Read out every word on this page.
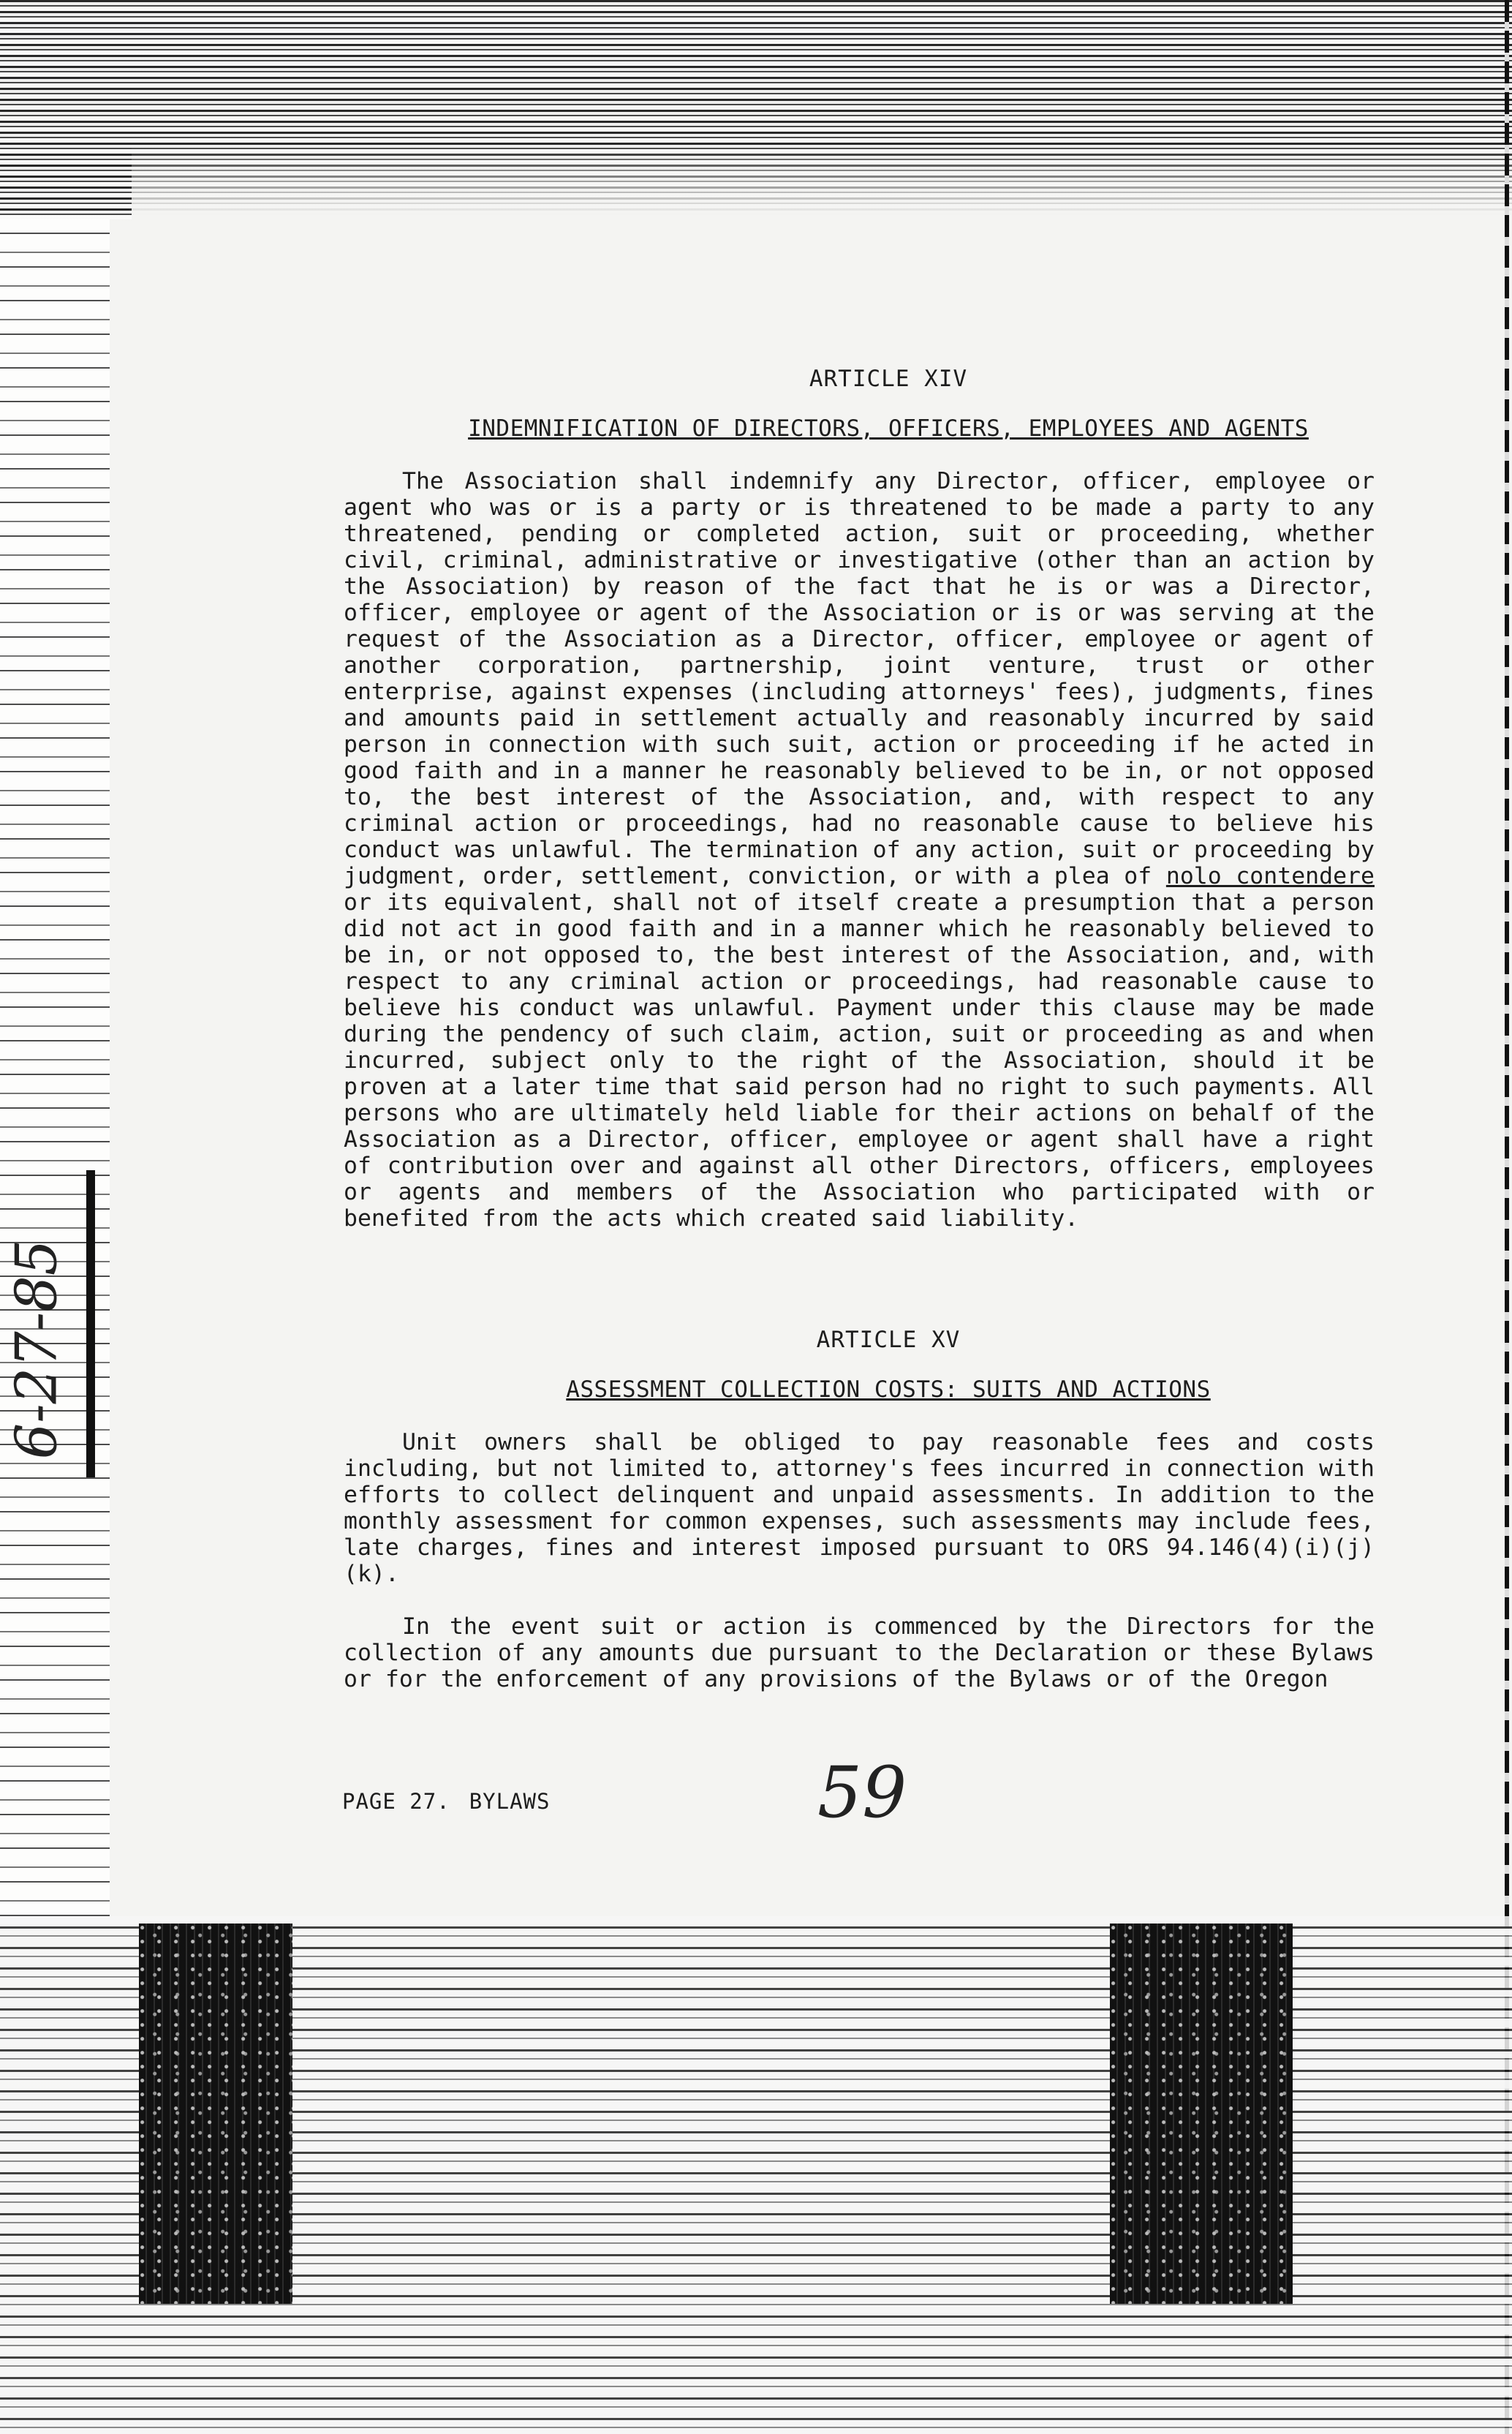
6-27-85
ARTICLE XIV
INDEMNIFICATION OF DIRECTORS, OFFICERS, EMPLOYEES AND AGENTS

The Association shall indemnify any Director, officer, employee or agent who was or is a party or is threatened to be made a party to any threatened, pending or completed action, suit or proceeding, whether civil, criminal, administrative or investigative (other than an action by the Association) by reason of the fact that he is or was a Director, officer, employee or agent of the Association or is or was serving at the request of the Association as a Director, officer, employee or agent of another corporation, partnership, joint venture, trust or other enterprise, against expenses (including attorneys' fees), judgments, fines and amounts paid in settlement actually and reasonably incurred by said person in connection with such suit, action or proceeding if he acted in good faith and in a manner he reasonably believed to be in, or not opposed to, the best interest of the Association, and, with respect to any criminal action or proceedings, had no reasonable cause to believe his conduct was unlawful. The termination of any action, suit or proceeding by judgment, order, settlement, conviction, or with a plea of nolo contendere or its equivalent, shall not of itself create a presumption that a person did not act in good faith and in a manner which he reasonably believed to be in, or not opposed to, the best interest of the Association, and, with respect to any criminal action or proceedings, had reasonable cause to believe his conduct was unlawful. Payment under this clause may be made during the pendency of such claim, action, suit or proceeding as and when incurred, subject only to the right of the Association, should it be proven at a later time that said person had no right to such payments. All persons who are ultimately held liable for their actions on behalf of the Association as a Director, officer, employee or agent shall have a right of contribution over and against all other Directors, officers, employees or agents and members of the Association who participated with or benefited from the acts which created said liability.

ARTICLE XV
ASSESSMENT COLLECTION COSTS: SUITS AND ACTIONS

Unit owners shall be obliged to pay reasonable fees and costs including, but not limited to, attorney's fees incurred in connection with efforts to collect delinquent and unpaid assessments. In addition to the monthly assessment for common expenses, such assessments may include fees, late charges, fines and interest imposed pursuant to ORS 94.146(4)(i)(j)(k).

In the event suit or action is commenced by the Directors for the collection of any amounts due pursuant to the Declaration or these Bylaws or for the enforcement of any provisions of the Bylaws or of the Oregon

PAGE 27. BYLAWS	59
